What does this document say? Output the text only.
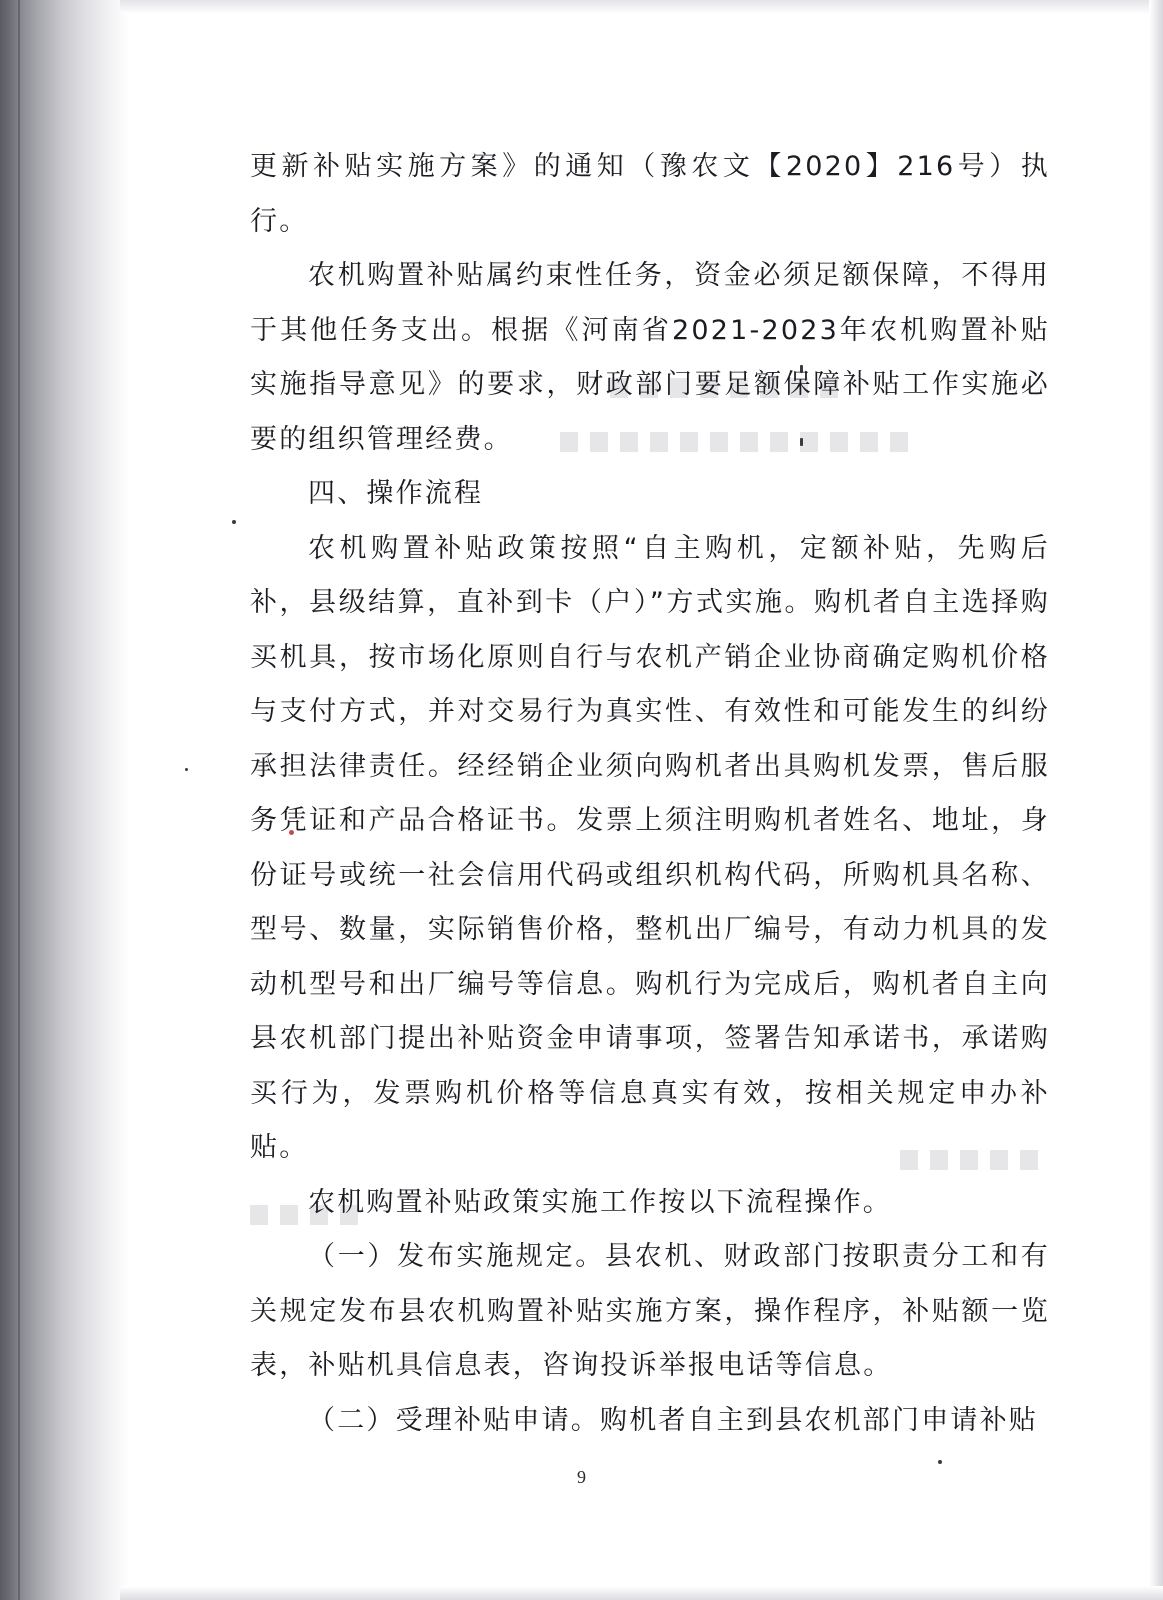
更新补贴实施方案》的通知（豫农文【2020】216号）执行。

农机购置补贴属约束性任务，资金必须足额保障，不得用于其他任务支出。根据《河南省2021-2023年农机购置补贴实施指导意见》的要求，财政部门要足额保障补贴工作实施必要的组织管理经费。

四、操作流程

农机购置补贴政策按照“自主购机，定额补贴，先购后补，县级结算，直补到卡（户）”方式实施。购机者自主选择购买机具，按市场化原则自行与农机产销企业协商确定购机价格与支付方式，并对交易行为真实性、有效性和可能发生的纠纷承担法律责任。经经销企业须向购机者出具购机发票，售后服务凭证和产品合格证书。发票上须注明购机者姓名、地址，身份证号或统一社会信用代码或组织机构代码，所购机具名称、型号、数量，实际销售价格，整机出厂编号，有动力机具的发动机型号和出厂编号等信息。购机行为完成后，购机者自主向县农机部门提出补贴资金申请事项，签署告知承诺书，承诺购买行为，发票购机价格等信息真实有效，按相关规定申办补贴。

农机购置补贴政策实施工作按以下流程操作。

（一）发布实施规定。县农机、财政部门按职责分工和有关规定发布县农机购置补贴实施方案，操作程序，补贴额一览表，补贴机具信息表，咨询投诉举报电话等信息。

（二）受理补贴申请。购机者自主到县农机部门申请补贴

9
